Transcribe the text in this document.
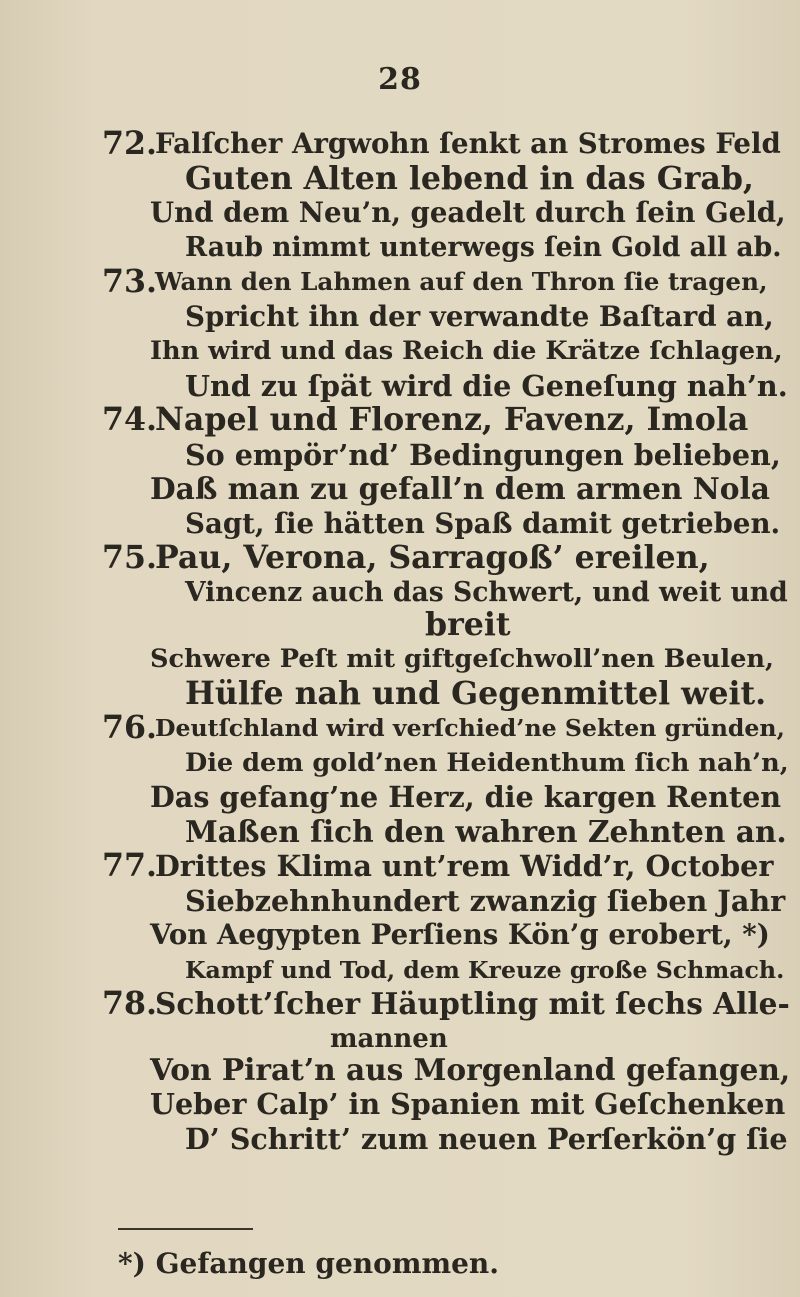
28
72.
Falſcher Argwohn ſenkt an Stromes Feld
Guten Alten lebend in das Grab,
Und dem Neu’n, geadelt durch ſein Geld,
Raub nimmt unterwegs ſein Gold all ab.
73.
Wann den Lahmen auf den Thron ſie tragen,
Spricht ihn der verwandte Baſtard an,
Ihn wird und das Reich die Krätze ſchlagen,
Und zu ſpät wird die Geneſung nah’n.
74.
Napel und Florenz, Favenz, Imola
So empör’nd’ Bedingungen belieben,
Daß man zu gefall’n dem armen Nola
Sagt, ſie hätten Spaß damit getrieben.
75.
Pau, Verona, Sarragoß’ ereilen,
Vincenz auch das Schwert, und weit und
breit
Schwere Peſt mit giftgeſchwoll’nen Beulen,
Hülfe nah und Gegenmittel weit.
76.
Deutſchland wird verſchied’ne Sekten gründen,
Die dem gold’nen Heidenthum ſich nah’n,
Das gefang’ne Herz, die kargen Renten
Maßen ſich den wahren Zehnten an.
77.
Drittes Klima unt’rem Widd’r, October
Siebzehnhundert zwanzig ſieben Jahr
Von Aegypten Perſiens Kön’g erobert, *)
Kampf und Tod, dem Kreuze große Schmach.
78.
Schott’ſcher Häuptling mit ſechs Alle-
mannen
Von Pirat’n aus Morgenland gefangen,
Ueber Calp’ in Spanien mit Geſchenken
D’ Schritt’ zum neuen Perſerkön’g ſie
*) Gefangen genommen.
